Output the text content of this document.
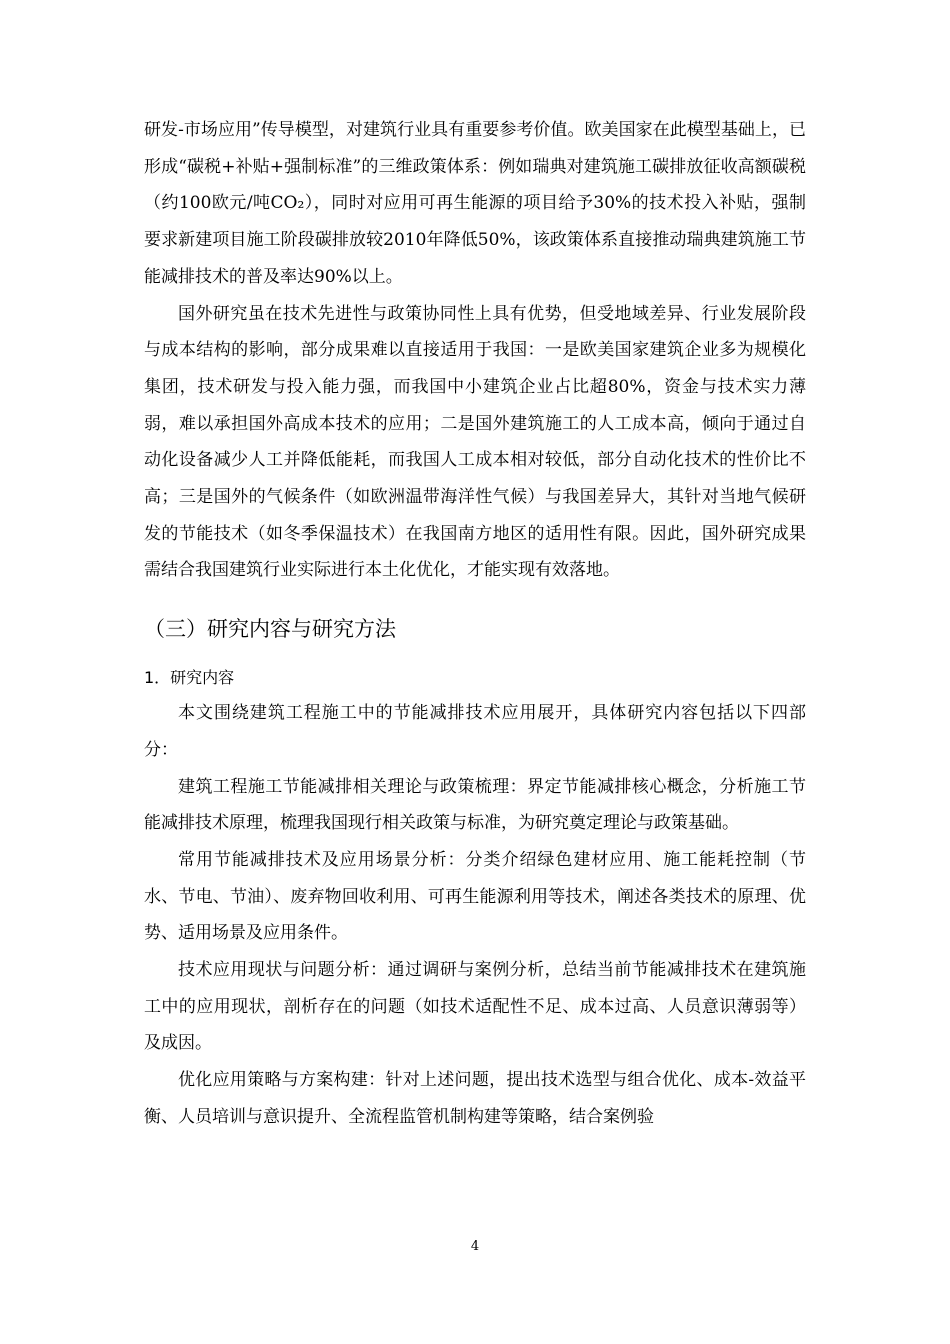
研发-市场应用”传导模型，对建筑行业具有重要参考价值。欧美国家在此模型基础上，已形成“碳税+补贴+强制标准”的三维政策体系：例如瑞典对建筑施工碳排放征收高额碳税（约100欧元/吨CO₂），同时对应用可再生能源的项目给予30%的技术投入补贴，强制要求新建项目施工阶段碳排放较2010年降低50%，该政策体系直接推动瑞典建筑施工节能减排技术的普及率达90%以上。

国外研究虽在技术先进性与政策协同性上具有优势，但受地域差异、行业发展阶段与成本结构的影响，部分成果难以直接适用于我国：一是欧美国家建筑企业多为规模化集团，技术研发与投入能力强，而我国中小建筑企业占比超80%，资金与技术实力薄弱，难以承担国外高成本技术的应用；二是国外建筑施工的人工成本高，倾向于通过自动化设备减少人工并降低能耗，而我国人工成本相对较低，部分自动化技术的性价比不高；三是国外的气候条件（如欧洲温带海洋性气候）与我国差异大，其针对当地气候研发的节能技术（如冬季保温技术）在我国南方地区的适用性有限。因此，国外研究成果需结合我国建筑行业实际进行本土化优化，才能实现有效落地。

（三）研究内容与研究方法
1．研究内容

本文围绕建筑工程施工中的节能减排技术应用展开，具体研究内容包括以下四部分：

建筑工程施工节能减排相关理论与政策梳理：界定节能减排核心概念，分析施工节能减排技术原理，梳理我国现行相关政策与标准，为研究奠定理论与政策基础。

常用节能减排技术及应用场景分析：分类介绍绿色建材应用、施工能耗控制（节水、节电、节油）、废弃物回收利用、可再生能源利用等技术，阐述各类技术的原理、优势、适用场景及应用条件。

技术应用现状与问题分析：通过调研与案例分析，总结当前节能减排技术在建筑施工中的应用现状，剖析存在的问题（如技术适配性不足、成本过高、人员意识薄弱等）及成因。

优化应用策略与方案构建：针对上述问题，提出技术选型与组合优化、成本-效益平衡、人员培训与意识提升、全流程监管机制构建等策略，结合案例验

4
